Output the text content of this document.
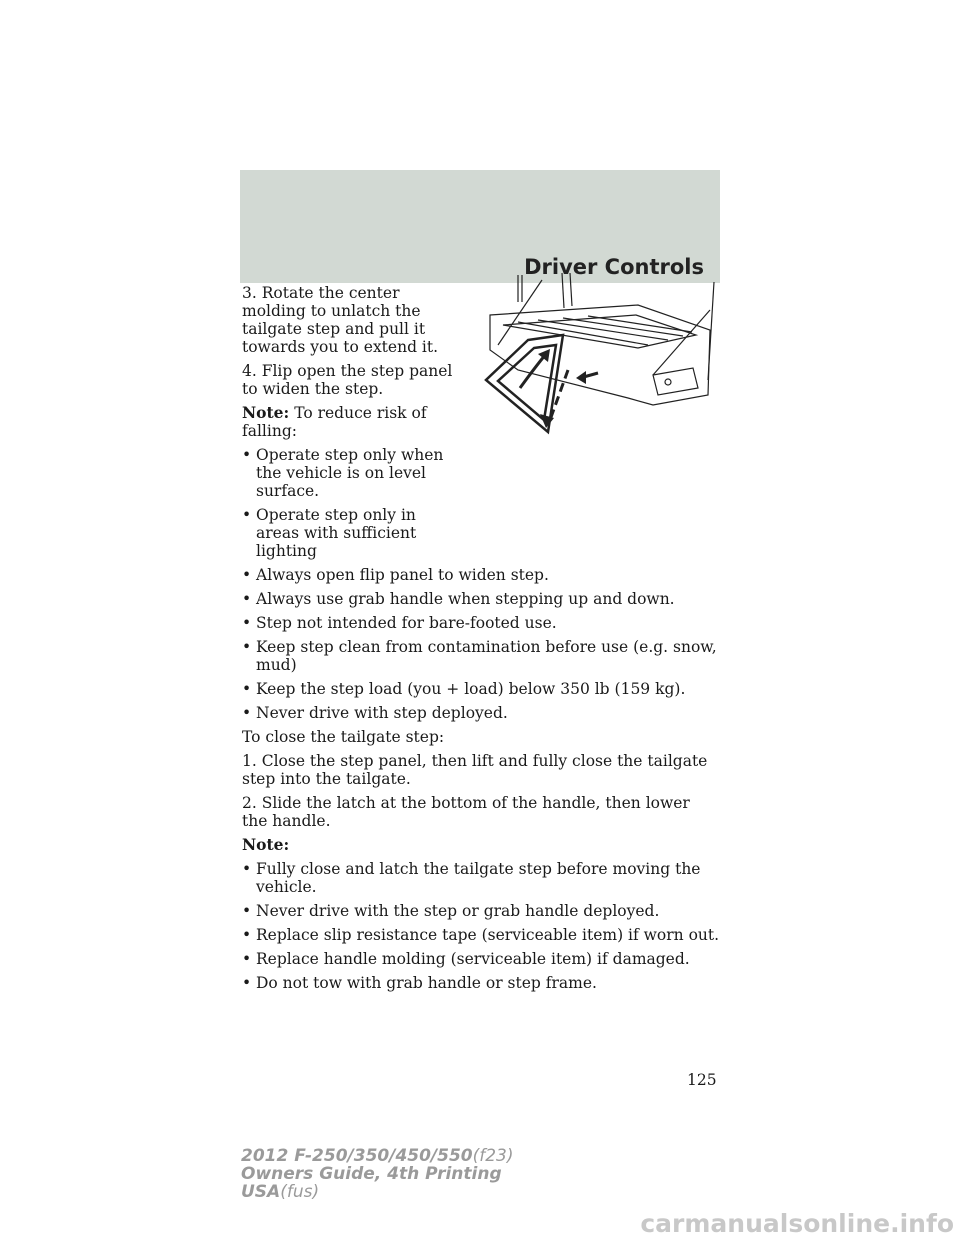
Driver Controls

3. Rotate the center molding to unlatch the tailgate step and pull it towards you to extend it.

4. Flip open the step panel to widen the step.

Note: To reduce risk of falling:

• Operate step only when the vehicle is on level surface.
• Operate step only in areas with sufficient lighting
• Always open flip panel to widen step.
• Always use grab handle when stepping up and down.
• Step not intended for bare-footed use.
• Keep step clean from contamination before use (e.g. snow, mud)
• Keep the step load (you + load) below 350 lb (159 kg).
• Never drive with step deployed.

To close the tailgate step:

1. Close the step panel, then lift and fully close the tailgate step into the tailgate.

2. Slide the latch at the bottom of the handle, then lower the handle.

Note:

• Fully close and latch the tailgate step before moving the vehicle.
• Never drive with the step or grab handle deployed.
• Replace slip resistance tape (serviceable item) if worn out.
• Replace handle molding (serviceable item) if damaged.
• Do not tow with grab handle or step frame.
125
2012 F-250/350/450/550(f23)
Owners Guide, 4th Printing
USA(fus)
carmanualsonline.info
